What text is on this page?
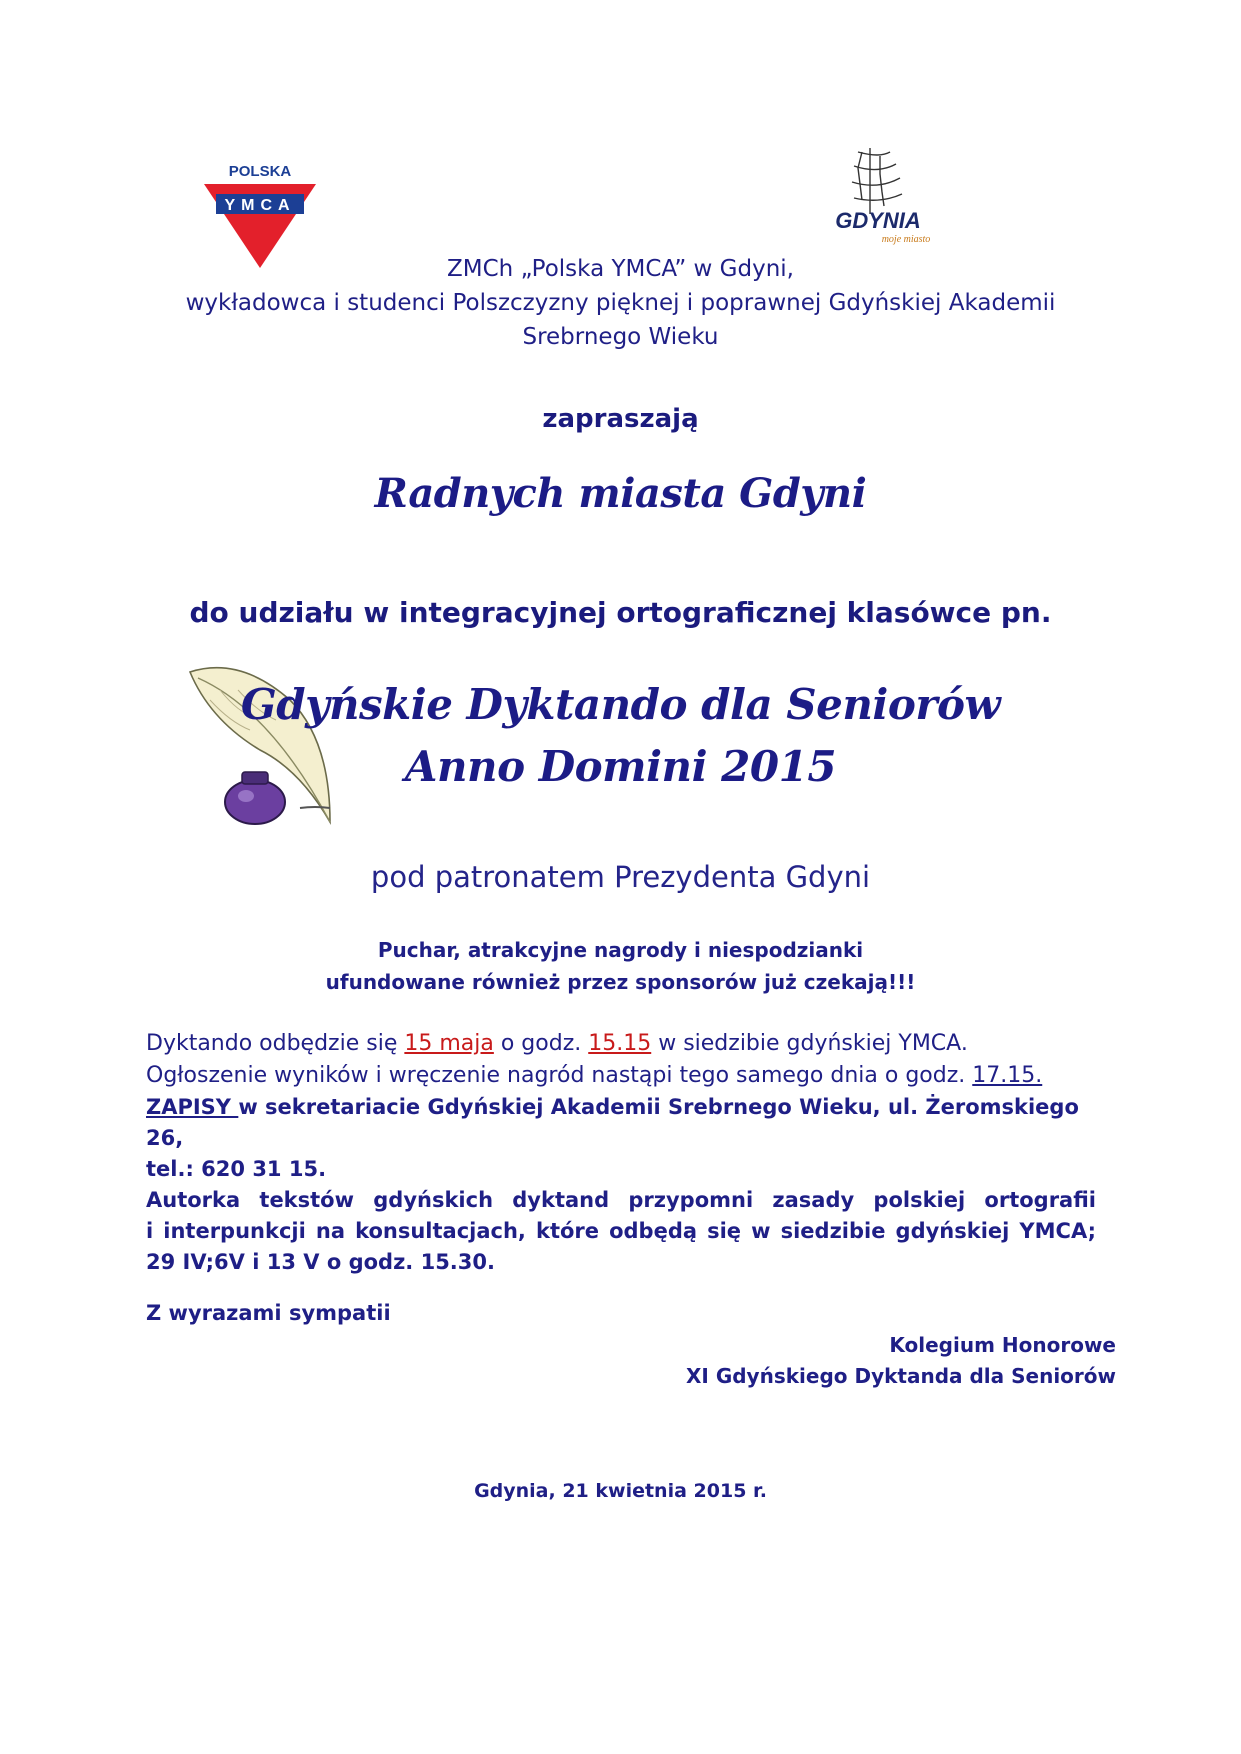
POLSKA
YMCA
GDYNIA
moje miasto
ZMCh „Polska YMCA” w Gdyni,
wykładowca i studenci Polszczyzny pięknej i poprawnej Gdyńskiej Akademii
Srebrnego Wieku
zapraszają
Radnych miasta Gdyni
do udziału w integracyjnej ortograficznej klasówce pn.
Gdyńskie Dyktando dla Seniorów
Anno Domini 2015
pod patronatem Prezydenta Gdyni
Puchar, atrakcyjne nagrody i niespodzianki
ufundowane również przez sponsorów już czekają!!!
Dyktando odbędzie się 15 maja o godz. 15.15 w siedzibie gdyńskiej YMCA.
Ogłoszenie wyników i wręczenie nagród nastąpi tego samego dnia o godz. 17.15.
ZAPISY w sekretariacie Gdyńskiej Akademii Srebrnego Wieku, ul. Żeromskiego 26,
tel.: 620 31 15.
Autorka tekstów gdyńskich dyktand przypomni zasady polskiej ortografii
i interpunkcji na konsultacjach, które odbędą się w siedzibie gdyńskiej YMCA;
29 IV;6V i 13 V o godz. 15.30.
Z wyrazami sympatii
Kolegium Honorowe
XI Gdyńskiego Dyktanda dla Seniorów
Gdynia, 21 kwietnia 2015 r.
